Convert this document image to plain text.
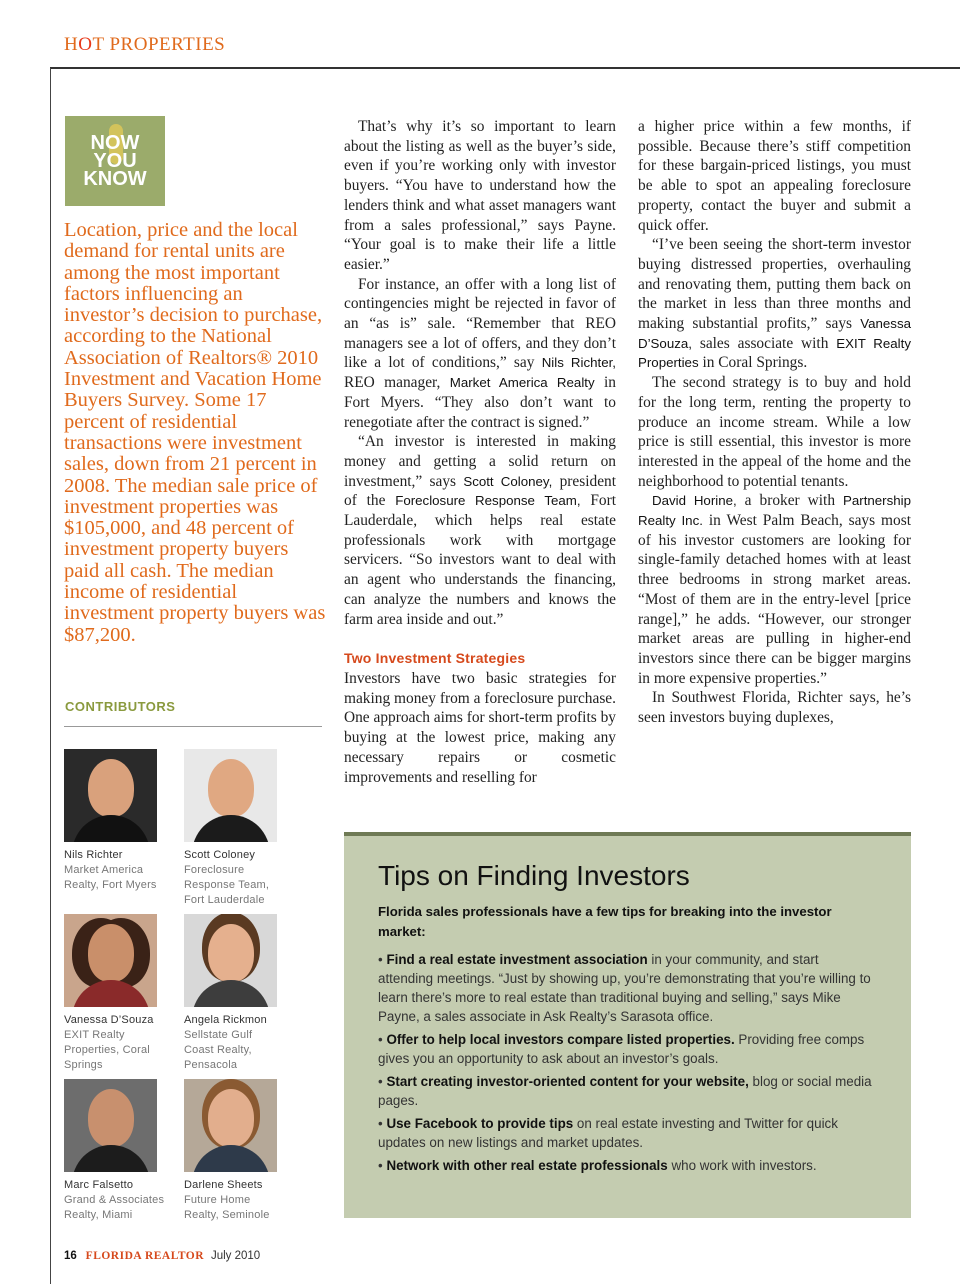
HOT PROPERTIES
NOW
YOU
KNOW
Location, price and the local demand for rental units are among the most important factors influencing an investor’s decision to purchase, according to the National Association of Realtors® 2010 Investment and Vacation Home Buyers Survey. Some 17 percent of residential transactions were investment sales, down from 21 percent in 2008. The median sale price of investment properties was $105,000, and 48 percent of investment property buyers paid all cash. The median income of residential investment property buyers was $87,200.
CONTRIBUTORS
Nils Richter
Market America Realty, Fort Myers
Scott Coloney
Foreclosure Response Team, Fort Lauderdale
Vanessa D’Souza
EXIT Realty Properties, Coral Springs
Angela Rickmon
Sellstate Gulf Coast Realty, Pensacola
Marc Falsetto
Grand & Associates Realty, Miami
Darlene Sheets
Future Home Realty, Seminole

That’s why it’s so important to learn about the listing as well as the buyer’s side, even if you’re working only with investor buyers. “You have to understand how the lenders think and what asset managers want from a sales professional,” says Payne. “Your goal is to make their life a little easier.”

For instance, an offer with a long list of contingencies might be rejected in favor of an “as is” sale. “Remember that REO managers see a lot of offers, and they don’t like a lot of conditions,” say Nils Richter, REO manager, Market America Realty in Fort Myers. “They also don’t want to renegotiate after the contract is signed.”

“An investor is interested in making money and getting a solid return on investment,” says Scott Coloney, president of the Foreclosure Response Team, Fort Lauderdale, which helps real estate professionals work with mortgage servicers. “So investors want to deal with an agent who understands the financing, can analyze the numbers and knows the farm area inside and out.”

Two Investment Strategies

Investors have two basic strategies for making money from a foreclosure purchase. One approach aims for short-term profits by buying at the lowest price, making any necessary repairs or cosmetic improvements and reselling for

a higher price within a few months, if possible. Because there’s stiff competition for these bargain-priced listings, you must be able to spot an appealing foreclosure property, contact the buyer and submit a quick offer.

“I’ve been seeing the short-term investor buying distressed properties, overhauling and renovating them, putting them back on the market in less than three months and making substantial profits,” says Vanessa D’Souza, sales associate with EXIT Realty Properties in Coral Springs.

The second strategy is to buy and hold for the long term, renting the property to produce an income stream. While a low price is still essential, this investor is more interested in the appeal of the home and the neighborhood to potential tenants.

David Horine, a broker with Partnership Realty Inc. in West Palm Beach, says most of his investor customers are looking for single-family detached homes with at least three bedrooms in strong market areas. “Most of them are in the entry-level [price range],” he adds. “However, our stronger market areas are pulling in higher-end investors since there can be bigger margins in more expensive properties.”

In Southwest Florida, Richter says, he’s seen investors buying duplexes,

Tips on Finding Investors
Florida sales professionals have a few tips for breaking into the investor market:
• Find a real estate investment association in your community, and start attending meetings. “Just by showing up, you’re demonstrating that you’re willing to learn there’s more to real estate than traditional buying and selling,” says Mike Payne, a sales associate in Ask Realty’s Sarasota office.
• Offer to help local investors compare listed properties. Providing free comps gives you an opportunity to ask about an investor’s goals.
• Start creating investor-oriented content for your website, blog or social media pages.
• Use Facebook to provide tips on real estate investing and Twitter for quick updates on new listings and market updates.
• Network with other real estate professionals who work with investors.
16 FLORIDA REALTOR July 2010
